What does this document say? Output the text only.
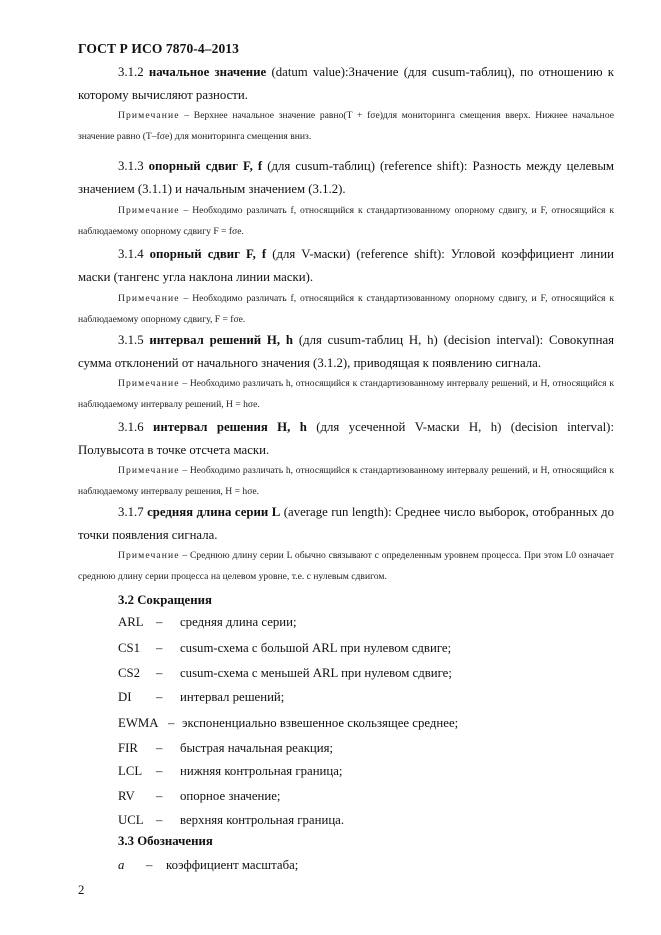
ГОСТ Р ИСО 7870-4–2013
3.1.2 начальное значение (datum value):Значение (для cusum-таблиц), по отношению к которому вычисляют разности.
Примечание – Верхнее начальное значение равно(T + fσe)для мониторинга смещения вверх. Нижнее начальное значение равно (T–fσe) для мониторинга смещения вниз.
3.1.3 опорный сдвиг F, f (для cusum-таблиц) (reference shift): Разность между целевым значением (3.1.1) и начальным значением (3.1.2).
Примечание – Необходимо различать f, относящийся к стандартизованному опорному сдвигу, и F, относящийся к наблюдаемому опорному сдвигу F = fσe.
3.1.4 опорный сдвиг F, f (для V-маски) (reference shift): Угловой коэффициент линии маски (тангенс угла наклона линии маски).
Примечание – Необходимо различать f, относящийся к стандартизованному опорному сдвигу, и F, относящийся к наблюдаемому опорному сдвигу, F = fσe.
3.1.5 интервал решений H, h (для cusum-таблиц H, h) (decision interval): Совокупная сумма отклонений от начального значения (3.1.2), приводящая к появлению сигнала.
Примечание – Необходимо различать h, относящийся к стандартизованному интервалу решений, и H, относящийся к наблюдаемому интервалу решений, H = hσe.
3.1.6 интервал решения H, h (для усеченной V-маски H, h) (decision interval): Полувысота в точке отсчета маски.
Примечание – Необходимо различать h, относящийся к стандартизованному интервалу решений, и H, относящийся к наблюдаемому интервалу решения, H = hσe.
3.1.7 средняя длина серии L (average run length): Среднее число выборок, отобранных до точки появления сигнала.
Примечание – Среднюю длину серии L обычно связывают с определенным уровнем процесса. При этом L0 означает среднюю длину серии процесса на целевом уровне, т.е. с нулевым сдвигом.
3.2 Сокращения
ARL – средняя длина серии;
CS1 – cusum-схема с большой ARL при нулевом сдвиге;
CS2 – cusum-схема с меньшей ARL при нулевом сдвиге;
DI – интервал решений;
EWMA – экспоненциально взвешенное скользящее среднее;
FIR – быстрая начальная реакция;
LCL – нижняя контрольная граница;
RV – опорное значение;
UCL – верхняя контрольная граница.
3.3 Обозначения
a – коэффициент масштаба;
2
